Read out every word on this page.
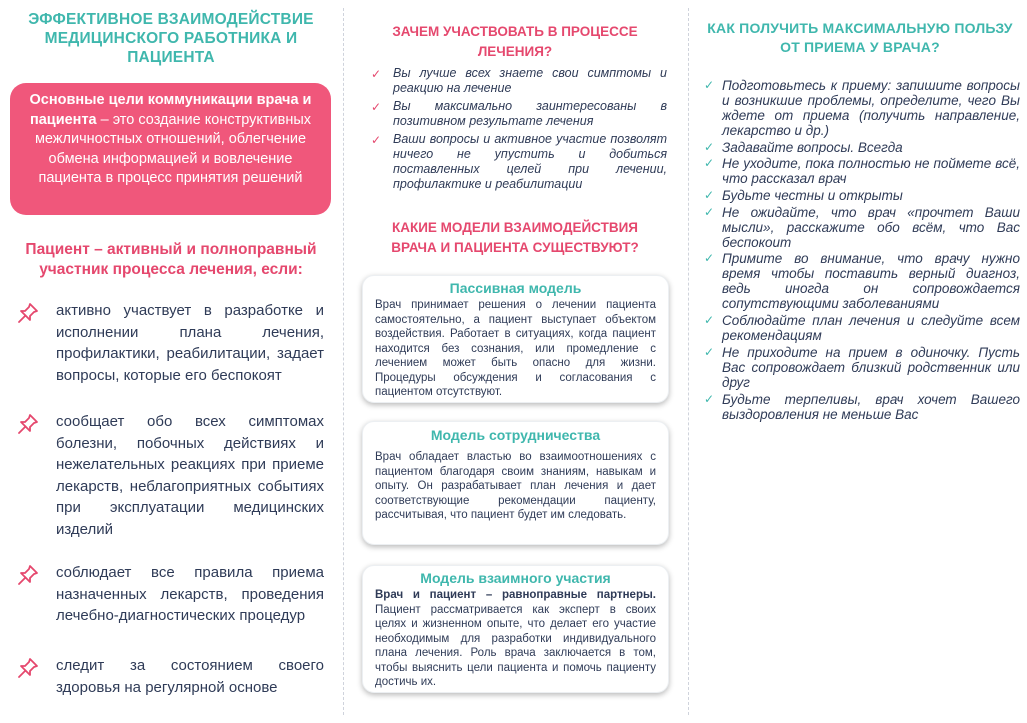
ЭФФЕКТИВНОЕ ВЗАИМОДЕЙСТВИЕ МЕДИЦИНСКОГО РАБОТНИКА И ПАЦИЕНТА
Основные цели коммуникации врача и пациента – это создание конструктивных межличностных отношений, облегчение обмена информацией и вовлечение пациента в процесс принятия решений
Пациент – активный и полноправный участник процесса лечения, если:
активно участвует в разработке и исполнении плана лечения, профилактики, реабилитации, задает вопросы, которые его беспокоят
сообщает обо всех симптомах болезни, побочных действиях и нежелательных реакциях при приеме лекарств, неблагоприятных событиях при эксплуатации медицинских изделий
соблюдает все правила приема назначенных лекарств, проведения лечебно-диагностических процедур
следит за состоянием своего здоровья на регулярной основе
ЗАЧЕМ УЧАСТВОВАТЬ В ПРОЦЕССЕ ЛЕЧЕНИЯ?
✓ Вы лучше всех знаете свои симптомы и реакцию на лечение
✓ Вы максимально заинтересованы в позитивном результате лечения
✓ Ваши вопросы и активное участие позволят ничего не упустить и добиться поставленных целей при лечении, профилактике и реабилитации
КАКИЕ МОДЕЛИ ВЗАИМОДЕЙСТВИЯ ВРАЧА И ПАЦИЕНТА СУЩЕСТВУЮТ?
Пассивная модель
Врач принимает решения о лечении пациента самостоятельно, а пациент выступает объектом воздействия. Работает в ситуациях, когда пациент находится без сознания, или промедление с лечением может быть опасно для жизни. Процедуры обсуждения и согласования с пациентом отсутствуют.
Модель сотрудничества
Врач обладает властью во взаимоотношениях с пациентом благодаря своим знаниям, навыкам и опыту. Он разрабатывает план лечения и дает соответствующие рекомендации пациенту, рассчитывая, что пациент будет им следовать.
Модель взаимного участия
Врач и пациент – равноправные партнеры. Пациент рассматривается как эксперт в своих целях и жизненном опыте, что делает его участие необходимым для разработки индивидуального плана лечения. Роль врача заключается в том, чтобы выяснить цели пациента и помочь пациенту достичь их.
КАК ПОЛУЧИТЬ МАКСИМАЛЬНУЮ ПОЛЬЗУ ОТ ПРИЕМА У ВРАЧА?
✓ Подготовьтесь к приему: запишите вопросы и возникшие проблемы, определите, чего Вы ждете от приема (получить направление, лекарство и др.)
✓ Задавайте вопросы. Всегда
✓ Не уходите, пока полностью не поймете всё, что рассказал врач
✓ Будьте честны и открыты
✓ Не ожидайте, что врач «прочтет Ваши мысли», расскажите обо всём, что Вас беспокоит
✓ Примите во внимание, что врачу нужно время чтобы поставить верный диагноз, ведь иногда он сопровождается сопутствующими заболеваниями
✓ Соблюдайте план лечения и следуйте всем рекомендациям
✓ Не приходите на прием в одиночку. Пусть Вас сопровождает близкий родственник или друг
✓ Будьте терпеливы, врач хочет Вашего выздоровления не меньше Вас
